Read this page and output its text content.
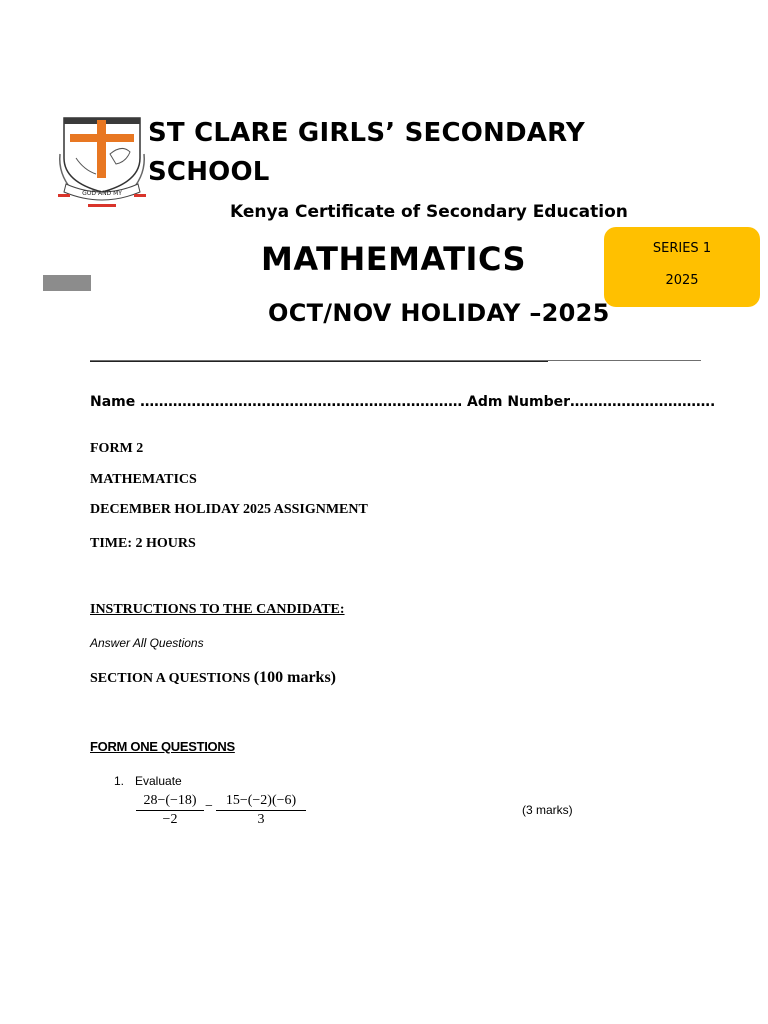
GOD AND MY
ST CLARE GIRLS’ SECONDARY
SCHOOL
Kenya Certificate of Secondary Education
MATHEMATICS	SERIES 1
2025
OCT/NOV HOLIDAY –2025
Name …………………………………………………………… Adm Number………………………….
FORM 2
MATHEMATICS
DECEMBER HOLIDAY 2025 ASSIGNMENT
TIME: 2 HOURS
INSTRUCTIONS TO THE CANDIDATE:
Answer All Questions
SECTION A QUESTIONS (100 marks)
FORM ONE QUESTIONS
1. Evaluate
$\frac{28-(-18)}{-2} - \frac{15-(-2)(-6)}{3}$	(3 marks)
